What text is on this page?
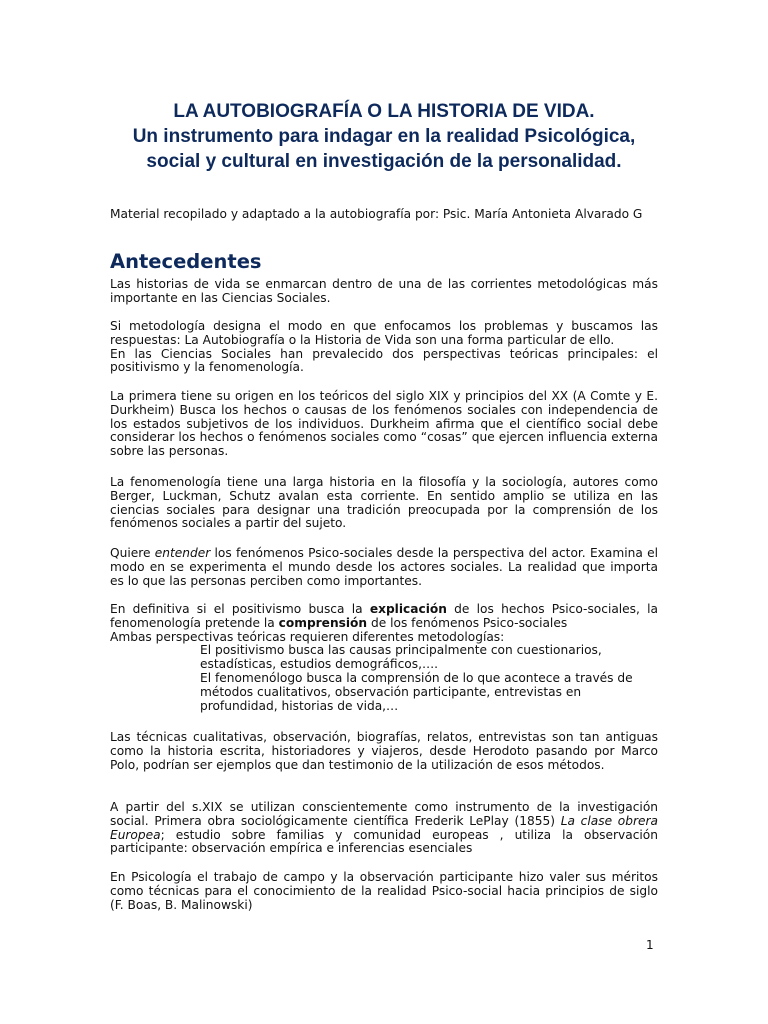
LA AUTOBIOGRAFÍA O LA HISTORIA DE VIDA.
Un instrumento para indagar en la realidad Psicológica,
social y cultural en investigación de la personalidad.
Material recopilado y adaptado a la autobiografía por: Psic. María Antonieta Alvarado G
Antecedentes
Las historias de vida se enmarcan dentro de una de las corrientes metodológicas más importante en las Ciencias Sociales.
Si metodología designa el modo en que enfocamos los problemas y buscamos las respuestas: La Autobiografía o la Historia de Vida son una forma particular de ello.
En las Ciencias Sociales han prevalecido dos perspectivas teóricas principales: el positivismo y la fenomenología.
La primera tiene su origen en los teóricos del siglo XIX y principios del XX (A Comte y E. Durkheim) Busca los hechos o causas de los fenómenos sociales con independencia de los estados subjetivos de los individuos. Durkheim afirma que el científico social debe considerar los hechos o fenómenos sociales como “cosas” que ejercen influencia externa sobre las personas.
La fenomenología tiene una larga historia en la filosofía y la sociología, autores como Berger, Luckman, Schutz avalan esta corriente. En sentido amplio se utiliza en las ciencias sociales para designar una tradición preocupada por la comprensión de los fenómenos sociales a partir del sujeto.
Quiere entender los fenómenos Psico-sociales desde la perspectiva del actor. Examina el modo en se experimenta el mundo desde los actores sociales. La realidad que importa es lo que las personas perciben como importantes.
En definitiva si el positivismo busca la explicación de los hechos Psico-sociales, la fenomenología pretende la comprensión de los fenómenos Psico-sociales
Ambas perspectivas teóricas requieren diferentes metodologías:
El positivismo busca las causas principalmente con cuestionarios, estadísticas, estudios demográficos,….
El fenomenólogo busca la comprensión de lo que acontece a través de métodos cualitativos, observación participante, entrevistas en profundidad, historias de vida,…
Las técnicas cualitativas, observación, biografías, relatos, entrevistas son tan antiguas como la historia escrita, historiadores y viajeros, desde Herodoto pasando por Marco Polo, podrían ser ejemplos que dan testimonio de la utilización de esos métodos.
A partir del s.XIX se utilizan conscientemente como instrumento de la investigación social. Primera obra sociológicamente científica Frederik LePlay (1855) La clase obrera Europea; estudio sobre familias y comunidad europeas , utiliza la observación participante: observación empírica e inferencias esenciales
En Psicología el trabajo de campo y la observación participante hizo valer sus méritos como técnicas para el conocimiento de la realidad Psico-social hacia principios de siglo (F. Boas, B. Malinowski)
1
